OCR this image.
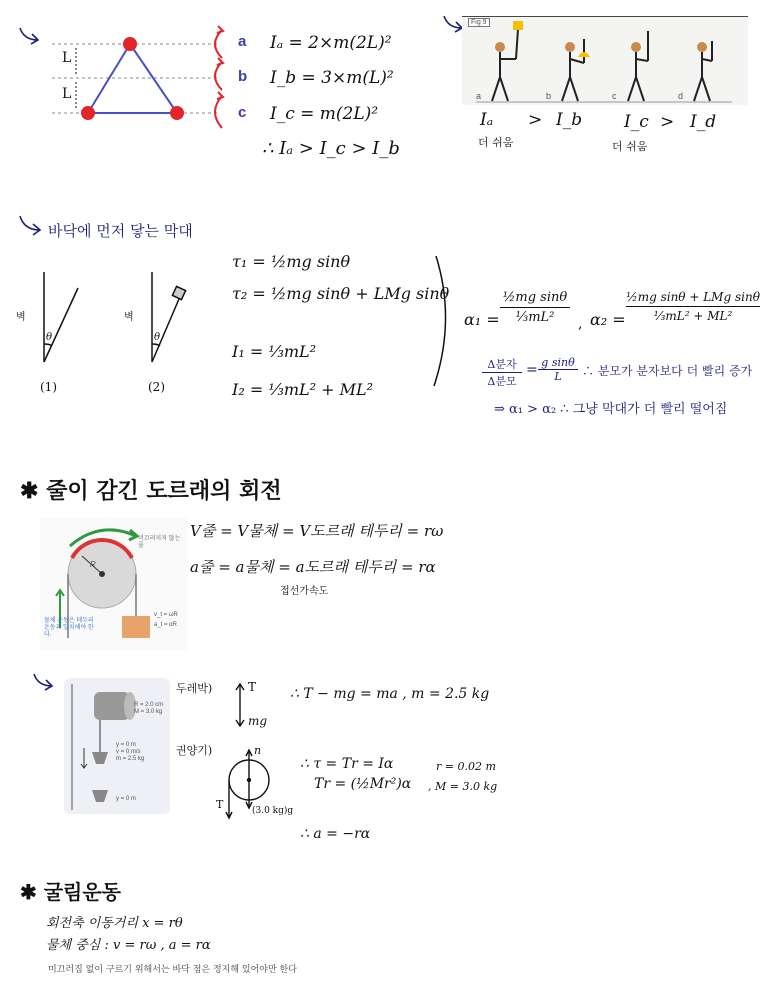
L
L
a
b
c
Iₐ = 2×m(2L)²
I_b = 3×m(L)²
I_c = m(2L)²
∴ Iₐ > I_c > I_b
Fig 9
a	b	c	d
Iₐ > I_b I_c > I_d
더 쉬움	더 쉬움
바닥에 먼저 닿는 막대
벽	벽
θ	θ
(1)	(2)
τ₁ = ½mg sinθ
τ₂ = ½mg sinθ + LMg sinθ
I₁ = ⅓mL²
I₂ = ⅓mL² + ML²
$\alpha_1 = \frac{\text{½mg sinθ}}{\text{⅓mL²}}$ , α₂ =
½mg sinθ + LMg sinθ
⅓mL² + ML²
Δ분자
Δ분모
= $\frac{\text{g sinθ}}{L}$ ∴ 분모가 분자보다 더 빨리 증가
⇒ α₁ > α₂ ∴ 그냥 막대가 더 빨리 떨어짐
✱ 줄이 감긴 도르래의 회전
R
미끄러지지 않는 줄
물체 운동은 테두리 운동과 일치해야 한다.
v_t = ωR
a_t = αR
V줄 = V물체 = V도르래 테두리 = rω
a줄 = a물체 = a도르래 테두리 = rα
접선가속도
R = 2.0 cm
M = 3.0 kg
y = 0 m
v = 0 m/s
m = 2.5 kg
y = 0 m
두레박)	T
mg
∴ T − mg = ma , m = 2.5 kg
권양기)	n
T	(3.0 kg)g
∴ τ = Tr = Iα
Tr = (½Mr²)α
r = 0.02 m
, M = 3.0 kg
∴ a = −rα
✱ 굴림운동
회전축 이동거리 x = rθ
물체 중심 : v = rω , a = rα
미끄러짐 없이 구르기 위해서는 바닥 점은 정지해 있어야만 한다
